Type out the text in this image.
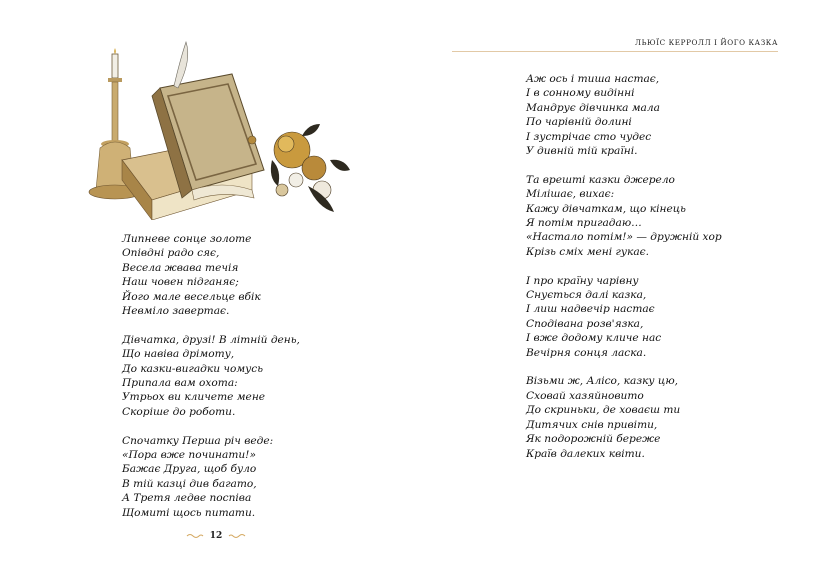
Липневе сонце золоте
Опівдні радо сяє,
Весела жвава течія
Наш човен підганяє;
Його мале весельце вбік
Невміло завертає.
Дівчатка, друзі! В літній день,
Що навіва дрімоту,
До казки-вигадки чомусь
Припала вам охота:
Утрьох ви кличете мене
Скоріше до роботи.
Спочатку Перша річ веде:
«Пора вже починати!»
Бажає Друга, щоб було
В тій казці див багато,
А Третя ледве поспіва
Щомиті щось питати.
12
ЛЬЮЇС КЕРРОЛЛ І ЙОГО КАЗКА
Аж ось і тиша настає,
І в сонному видінні
Мандрує дівчинка мала
По чарівній долині
І зустрічає сто чудес
У дивній тій країні.
Та врешті казки джерело
Мілішає, вихає:
Кажу дівчаткам, що кінець
Я потім пригадаю…
«Настало потім!» — дружній хор
Крізь сміх мені гукає.
І про країну чарівну
Снується далі казка,
І лиш надвечір настає
Сподівана розв'язка,
І вже додому кличе нас
Вечірня сонця ласка.
Візьми ж, Алісо, казку цю,
Сховай хазяйновито
До скриньки, де ховаєш ти
Дитячих снів привіти,
Як подорожній береже
Країв далеких квіти.
